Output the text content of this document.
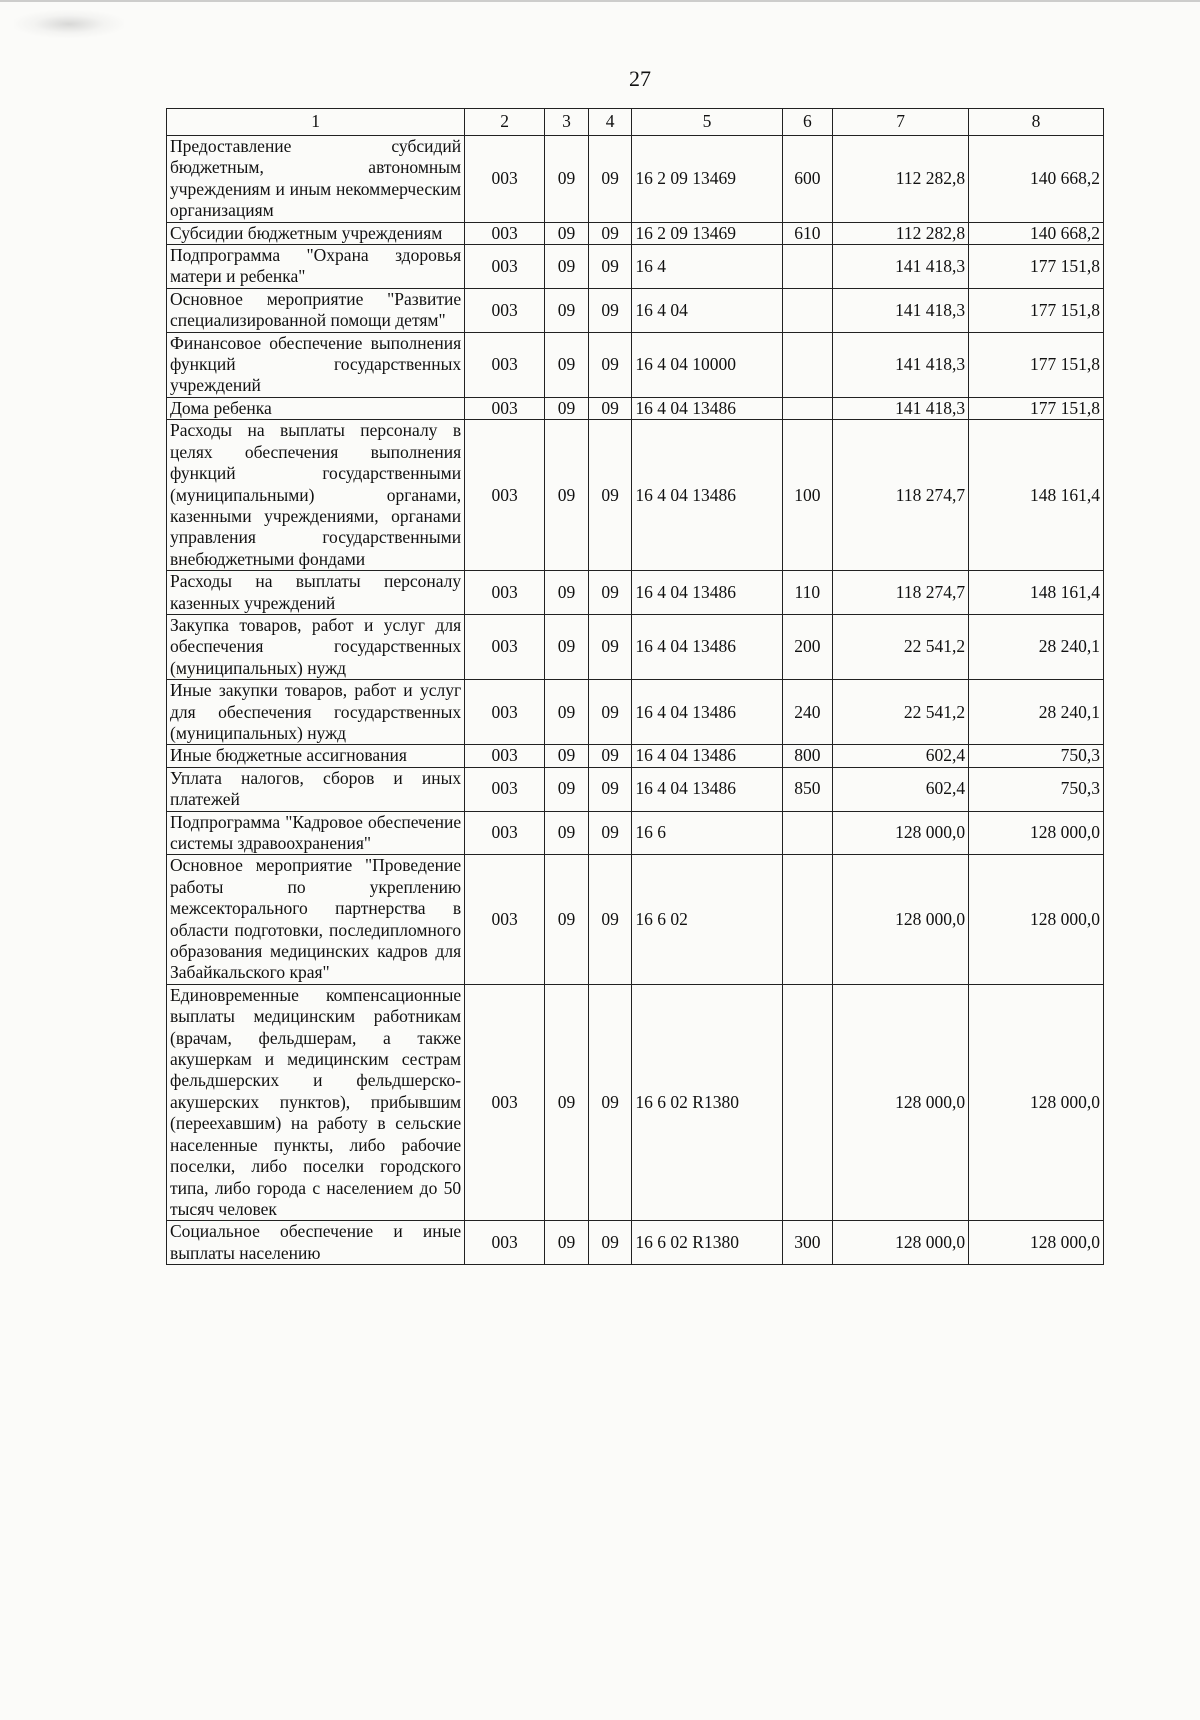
27
1	2	3	4	5	6	7	8
Предоставление субсидий бюджетным, автономным учреждениям и иным некоммерческим организациям	003	09	09	16 2 09 13469	600	112 282,8	140 668,2
Субсидии бюджетным учреждениям	003	09	09	16 2 09 13469	610	112 282,8	140 668,2
Подпрограмма "Охрана здоровья матери и ребенка"	003	09	09	16 4		141 418,3	177 151,8
Основное мероприятие "Развитие специализированной помощи детям"	003	09	09	16 4 04		141 418,3	177 151,8
Финансовое обеспечение выполнения функций государственных учреждений	003	09	09	16 4 04 10000		141 418,3	177 151,8
Дома ребенка	003	09	09	16 4 04 13486		141 418,3	177 151,8
Расходы на выплаты персоналу в целях обеспечения выполнения функций государственными (муниципальными) органами, казенными учреждениями, органами управления государственными внебюджетными фондами	003	09	09	16 4 04 13486	100	118 274,7	148 161,4
Расходы на выплаты персоналу казенных учреждений	003	09	09	16 4 04 13486	110	118 274,7	148 161,4
Закупка товаров, работ и услуг для обеспечения государственных (муниципальных) нужд	003	09	09	16 4 04 13486	200	22 541,2	28 240,1
Иные закупки товаров, работ и услуг для обеспечения государственных (муниципальных) нужд	003	09	09	16 4 04 13486	240	22 541,2	28 240,1
Иные бюджетные ассигнования	003	09	09	16 4 04 13486	800	602,4	750,3
Уплата налогов, сборов и иных платежей	003	09	09	16 4 04 13486	850	602,4	750,3
Подпрограмма "Кадровое обеспечение системы здравоохранения"	003	09	09	16 6		128 000,0	128 000,0
Основное мероприятие "Проведение работы по укреплению межсекторального партнерства в области подготовки, последипломного образования медицинских кадров для Забайкальского края"	003	09	09	16 6 02		128 000,0	128 000,0
Единовременные компенсационные выплаты медицинским работникам (врачам, фельдшерам, а также акушеркам и медицинским сестрам фельдшерских и фельдшерско-акушерских пунктов), прибывшим (переехавшим) на работу в сельские населенные пункты, либо рабочие поселки, либо поселки городского типа, либо города с населением до 50 тысяч человек	003	09	09	16 6 02 R1380		128 000,0	128 000,0
Социальное обеспечение и иные выплаты населению	003	09	09	16 6 02 R1380	300	128 000,0	128 000,0
